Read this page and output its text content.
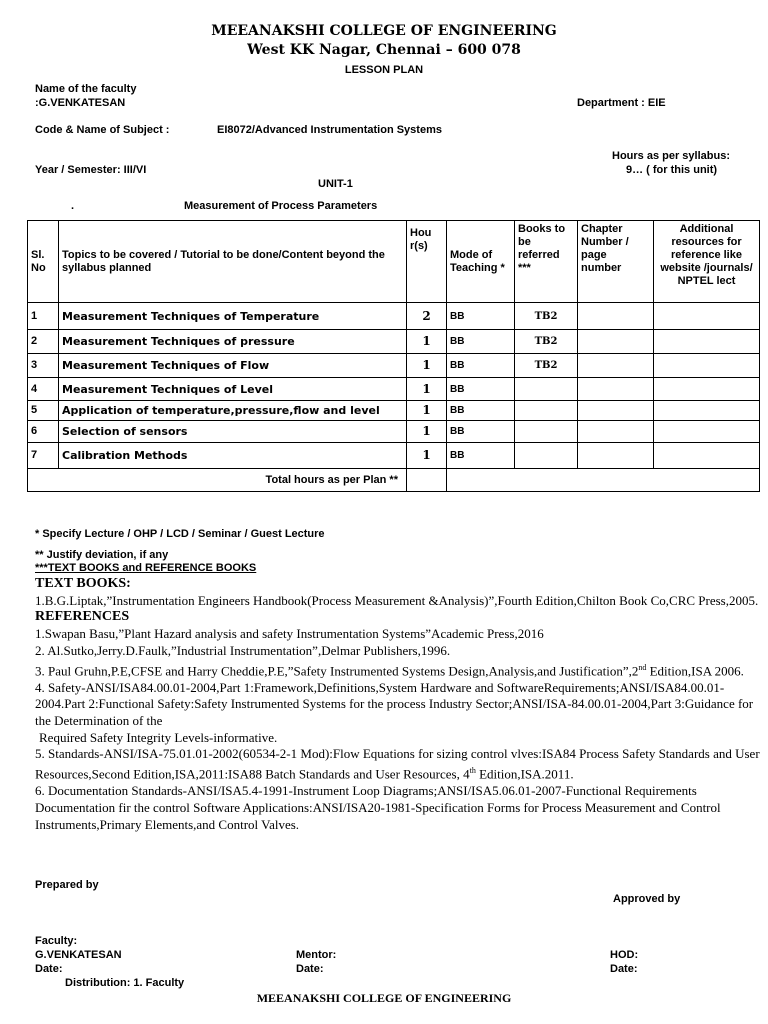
MEEANAKSHI COLLEGE OF ENGINEERING
West KK Nagar, Chennai – 600 078
LESSON PLAN
Name of the faculty
:G.VENKATESAN	Department : EIE
Code & Name of Subject :	EI8072/Advanced Instrumentation Systems
Hours as per syllabus:
Year / Semester: III/VI	9… ( for this unit)
UNIT-1
.	Measurement of Process Parameters
Sl. No	Topics to be covered / Tutorial to be done/Content beyond the syllabus planned	Hou r(s)	Mode of Teaching *	Books to be referred ***	Chapter Number / page number	Additional resources for reference like website /journals/ NPTEL lect
1	Measurement Techniques of Temperature	2	BB	TB2		
2	Measurement Techniques of pressure	1	BB	TB2		
3	Measurement Techniques of Flow	1	BB	TB2		
4	Measurement Techniques of Level	1	BB			
5	Application of temperature,pressure,flow and level	1	BB			
6	Selection of sensors	1	BB			
7	Calibration Methods	1	BB			
Total hours as per Plan **						
* Specify Lecture / OHP / LCD / Seminar / Guest Lecture
** Justify deviation, if any
***TEXT BOOKS and REFERENCE BOOKS

TEXT BOOKS:

1.B.G.Liptak,”Instrumentation Engineers Handbook(Process Measurement &Analysis)”,Fourth Edition,Chilton Book Co,CRC Press,2005.

REFERENCES

1.Swapan Basu,”Plant Hazard analysis and safety Instrumentation Systems”Academic Press,2016

2. Al.Sutko,Jerry.D.Faulk,”Industrial Instrumentation”,Delmar Publishers,1996.

3. Paul Gruhn,P.E,CFSE and Harry Cheddie,P.E,”Safety Instrumented Systems Design,Analysis,and Justification”,2nd Edition,ISA 2006.

4. Safety-ANSI/ISA84.00.01-2004,Part 1:Framework,Definitions,System Hardware and SoftwareRequirements;ANSI/ISA84.00.01-2004.Part 2:Functional Safety:Safety Instrumented Systems for the process Industry Sector;ANSI/ISA-84.00.01-2004,Part 3:Guidance for the Determination of the

Required Safety Integrity Levels-informative.

5. Standards-ANSI/ISA-75.01.01-2002(60534-2-1 Mod):Flow Equations for sizing control vlves:ISA84 Process Safety Standards and User Resources,Second Edition,ISA,2011:ISA88 Batch Standards and User Resources, 4th Edition,ISA.2011.

6. Documentation Standards-ANSI/ISA5.4-1991-Instrument Loop Diagrams;ANSI/ISA5.06.01-2007-Functional Requirements Documentation fir the control Software Applications:ANSI/ISA20-1981-Specification Forms for Process Measurement and Control Instruments,Primary Elements,and Control Valves.

Prepared by
Approved by
Faculty:
G.VENKATESAN
Date:
Mentor:
Date:
HOD:
Date:
Distribution: 1. Faculty
MEEANAKSHI COLLEGE OF ENGINEERING
